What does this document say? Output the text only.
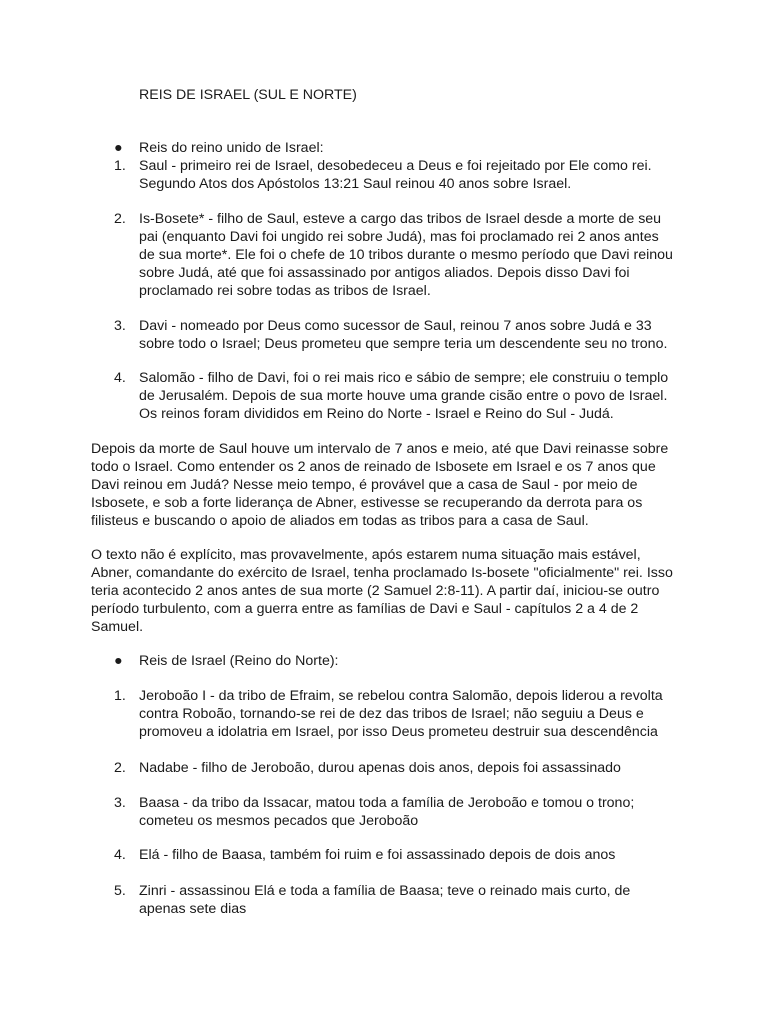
REIS DE ISRAEL (SUL E NORTE)
● Reis do reino unido de Israel:
1. Saul - primeiro rei de Israel, desobedeceu a Deus e foi rejeitado por Ele como rei. Segundo Atos dos Apóstolos 13:21 Saul reinou 40 anos sobre Israel.
2. Is-Bosete* - filho de Saul, esteve a cargo das tribos de Israel desde a morte de seu pai (enquanto Davi foi ungido rei sobre Judá), mas foi proclamado rei 2 anos antes de sua morte*. Ele foi o chefe de 10 tribos durante o mesmo período que Davi reinou sobre Judá, até que foi assassinado por antigos aliados. Depois disso Davi foi proclamado rei sobre todas as tribos de Israel.
3. Davi - nomeado por Deus como sucessor de Saul, reinou 7 anos sobre Judá e 33 sobre todo o Israel; Deus prometeu que sempre teria um descendente seu no trono.
4. Salomão - filho de Davi, foi o rei mais rico e sábio de sempre; ele construiu o templo de Jerusalém. Depois de sua morte houve uma grande cisão entre o povo de Israel. Os reinos foram divididos em Reino do Norte - Israel e Reino do Sul - Judá.
Depois da morte de Saul houve um intervalo de 7 anos e meio, até que Davi reinasse sobre todo o Israel. Como entender os 2 anos de reinado de Isbosete em Israel e os 7 anos que Davi reinou em Judá? Nesse meio tempo, é provável que a casa de Saul - por meio de Isbosete, e sob a forte liderança de Abner, estivesse se recuperando da derrota para os filisteus e buscando o apoio de aliados em todas as tribos para a casa de Saul.
O texto não é explícito, mas provavelmente, após estarem numa situação mais estável, Abner, comandante do exército de Israel, tenha proclamado Is-bosete "oficialmente" rei. Isso teria acontecido 2 anos antes de sua morte (2 Samuel 2:8-11). A partir daí, iniciou-se outro período turbulento, com a guerra entre as famílias de Davi e Saul - capítulos 2 a 4 de 2 Samuel.
● Reis de Israel (Reino do Norte):
1. Jeroboão I - da tribo de Efraim, se rebelou contra Salomão, depois liderou a revolta contra Roboão, tornando-se rei de dez das tribos de Israel; não seguiu a Deus e promoveu a idolatria em Israel, por isso Deus prometeu destruir sua descendência
2. Nadabe - filho de Jeroboão, durou apenas dois anos, depois foi assassinado
3. Baasa - da tribo da Issacar, matou toda a família de Jeroboão e tomou o trono; cometeu os mesmos pecados que Jeroboão
4. Elá - filho de Baasa, também foi ruim e foi assassinado depois de dois anos
5. Zinri - assassinou Elá e toda a família de Baasa; teve o reinado mais curto, de apenas sete dias
